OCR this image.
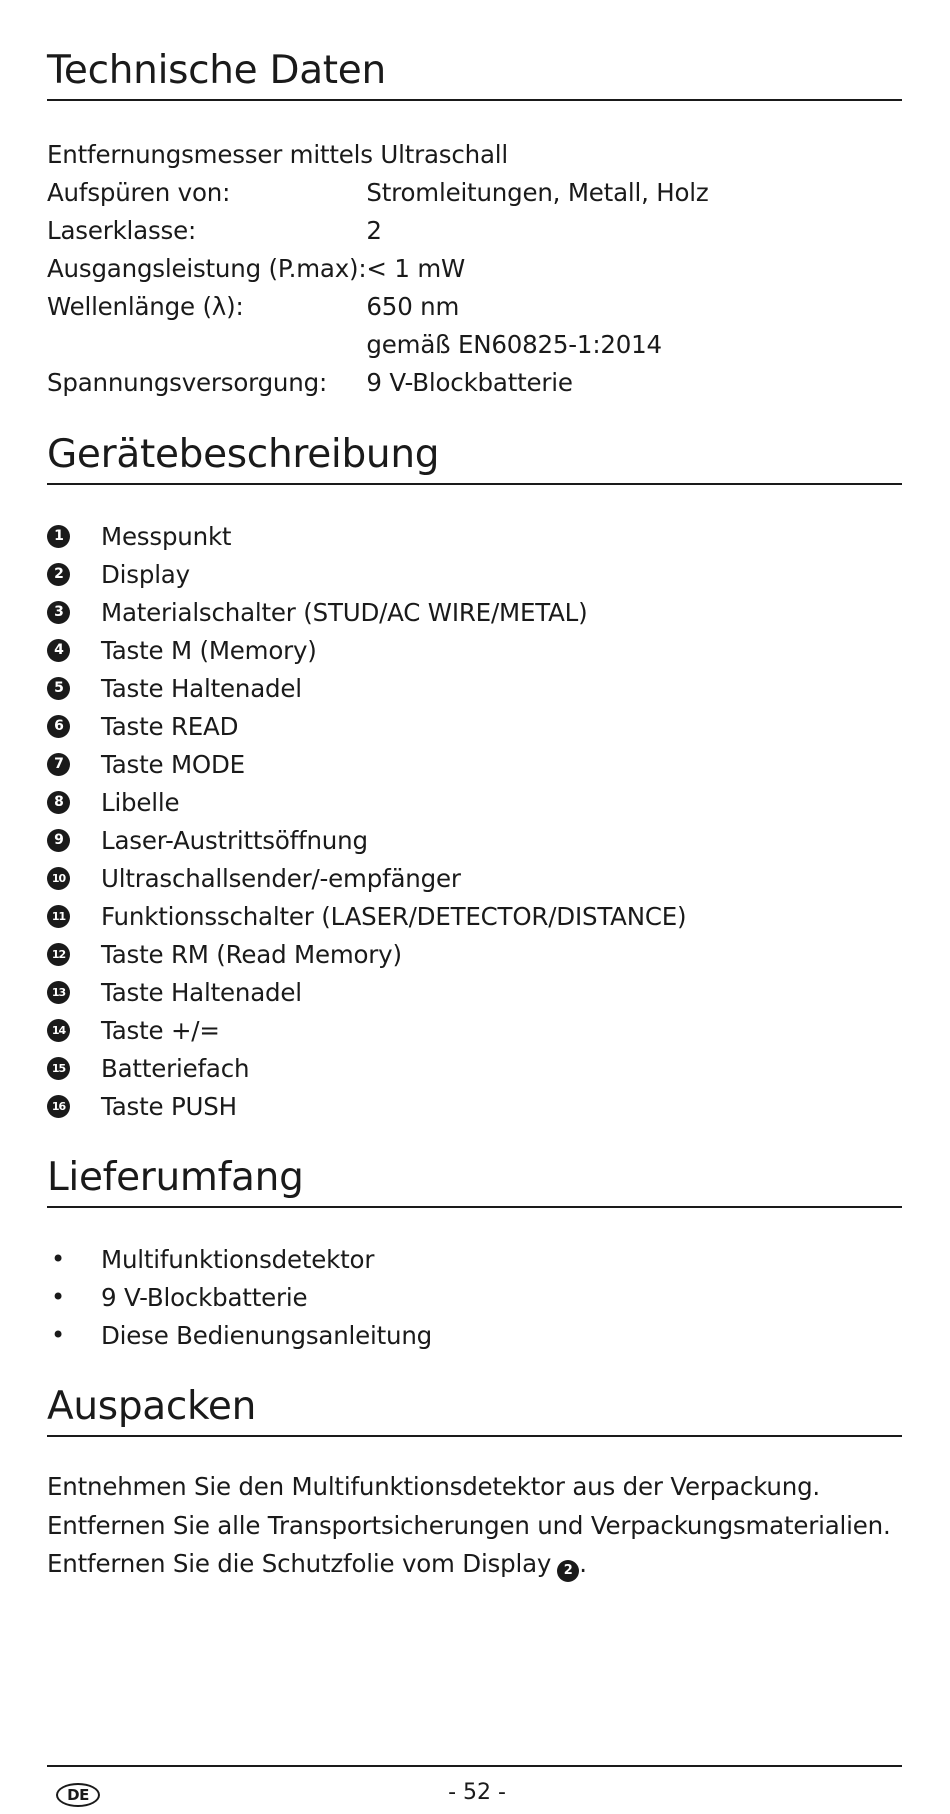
Technische Daten
Entfernungsmesser mittels Ultraschall
Aufspüren von:	Stromleitungen, Metall, Holz
Laserklasse:	2
Ausgangsleistung (P.max):	< 1 mW
Wellenlänge (λ):	650 nm
	gemäß EN60825-1:2014
Spannungsversorgung:	9 V-Blockbatterie
Gerätebeschreibung
1 Messpunkt
2 Display
3 Materialschalter (STUD/AC WIRE/METAL)
4 Taste M (Memory)
5 Taste Haltenadel
6 Taste READ
7 Taste MODE
8 Libelle
9 Laser-Austrittsöffnung
10 Ultraschallsender/-empfänger
11 Funktionsschalter (LASER/DETECTOR/DISTANCE)
12 Taste RM (Read Memory)
13 Taste Haltenadel
14 Taste +/=
15 Batteriefach
16 Taste PUSH
Lieferumfang
•	Multifunktionsdetektor
•	9 V-Blockbatterie
•	Diese Bedienungsanleitung
Auspacken

Entnehmen Sie den Multifunktionsdetektor aus der Verpackung. Entfernen Sie alle Transportsicherungen und Verpackungsmaterialien. Entfernen Sie die Schutzfolie vom Display 2 .

DE	- 52 -
